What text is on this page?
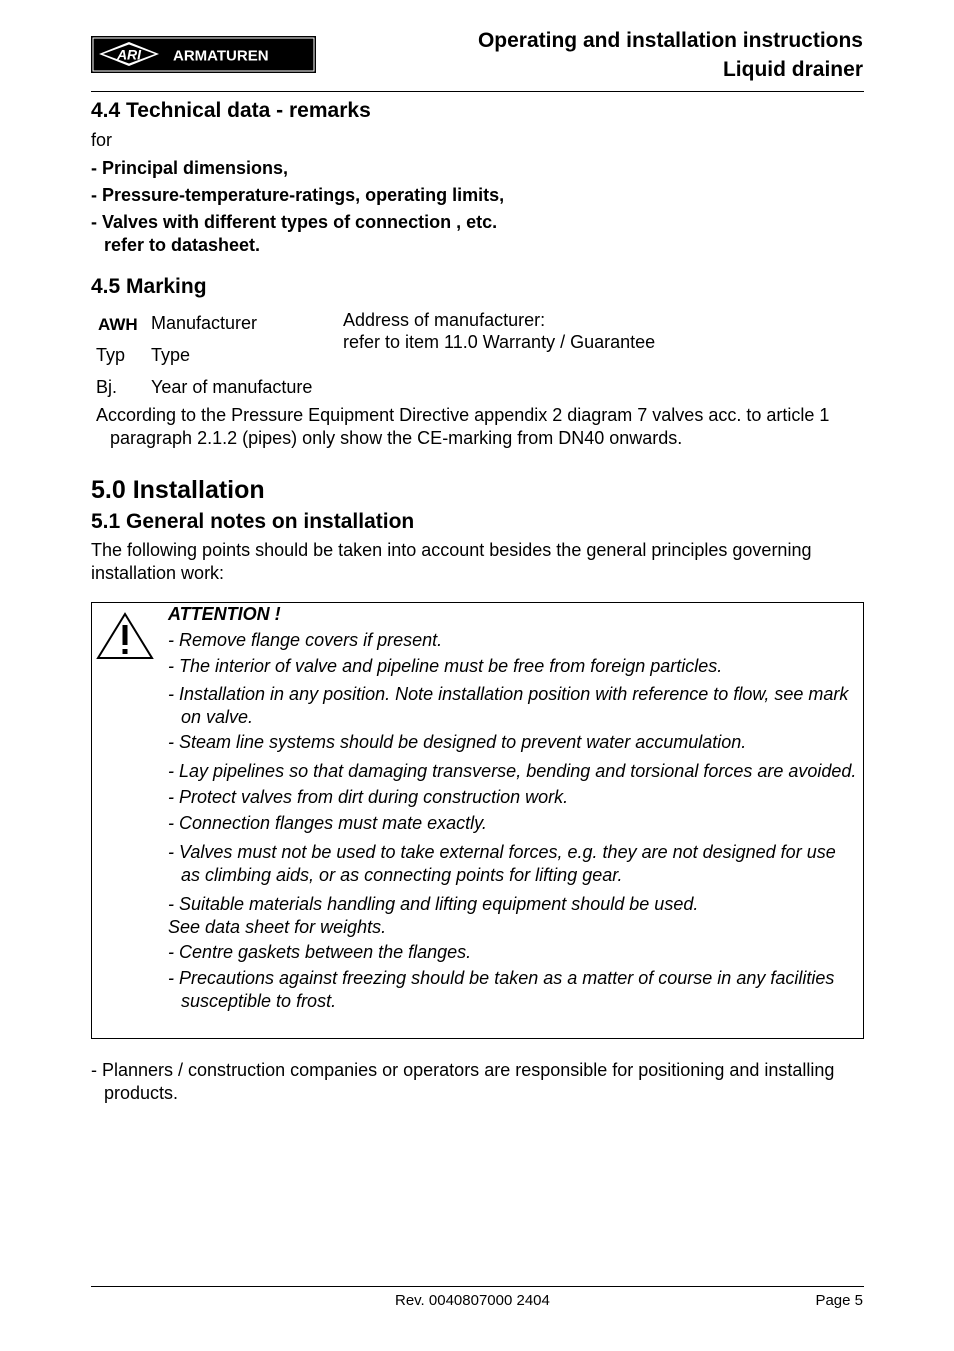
ARI ARMATUREN
Operating and installation instructions
Liquid drainer
4.4 Technical data - remarks
for
- Principal dimensions,
- Pressure-temperature-ratings, operating limits,
- Valves with different types of connection , etc.
refer to datasheet.
4.5 Marking
AWH Manufacturer
Typ Type
Bj. Year of manufacture
Address of manufacturer:
refer to item 11.0 Warranty / Guarantee
According to the Pressure Equipment Directive appendix 2 diagram 7 valves acc. to article 1 paragraph 2.1.2 (pipes) only show the CE-marking from DN40 onwards.
5.0 Installation
5.1 General notes on installation
The following points should be taken into account besides the general principles governing installation work:
ATTENTION !
- Remove flange covers if present.
- The interior of valve and pipeline must be free from foreign particles.
- Installation in any position. Note installation position with reference to flow, see mark on valve.
- Steam line systems should be designed to prevent water accumulation.
- Lay pipelines so that damaging transverse, bending and torsional forces are avoided.
- Protect valves from dirt during construction work.
- Connection flanges must mate exactly.
- Valves must not be used to take external forces, e.g. they are not designed for use as climbing aids, or as connecting points for lifting gear.
- Suitable materials handling and lifting equipment should be used.
See data sheet for weights.
- Centre gaskets between the flanges.
- Precautions against freezing should be taken as a matter of course in any facilities susceptible to frost.
- Planners / construction companies or operators are responsible for positioning and installing products.
Rev. 0040807000 2404	Page 5
